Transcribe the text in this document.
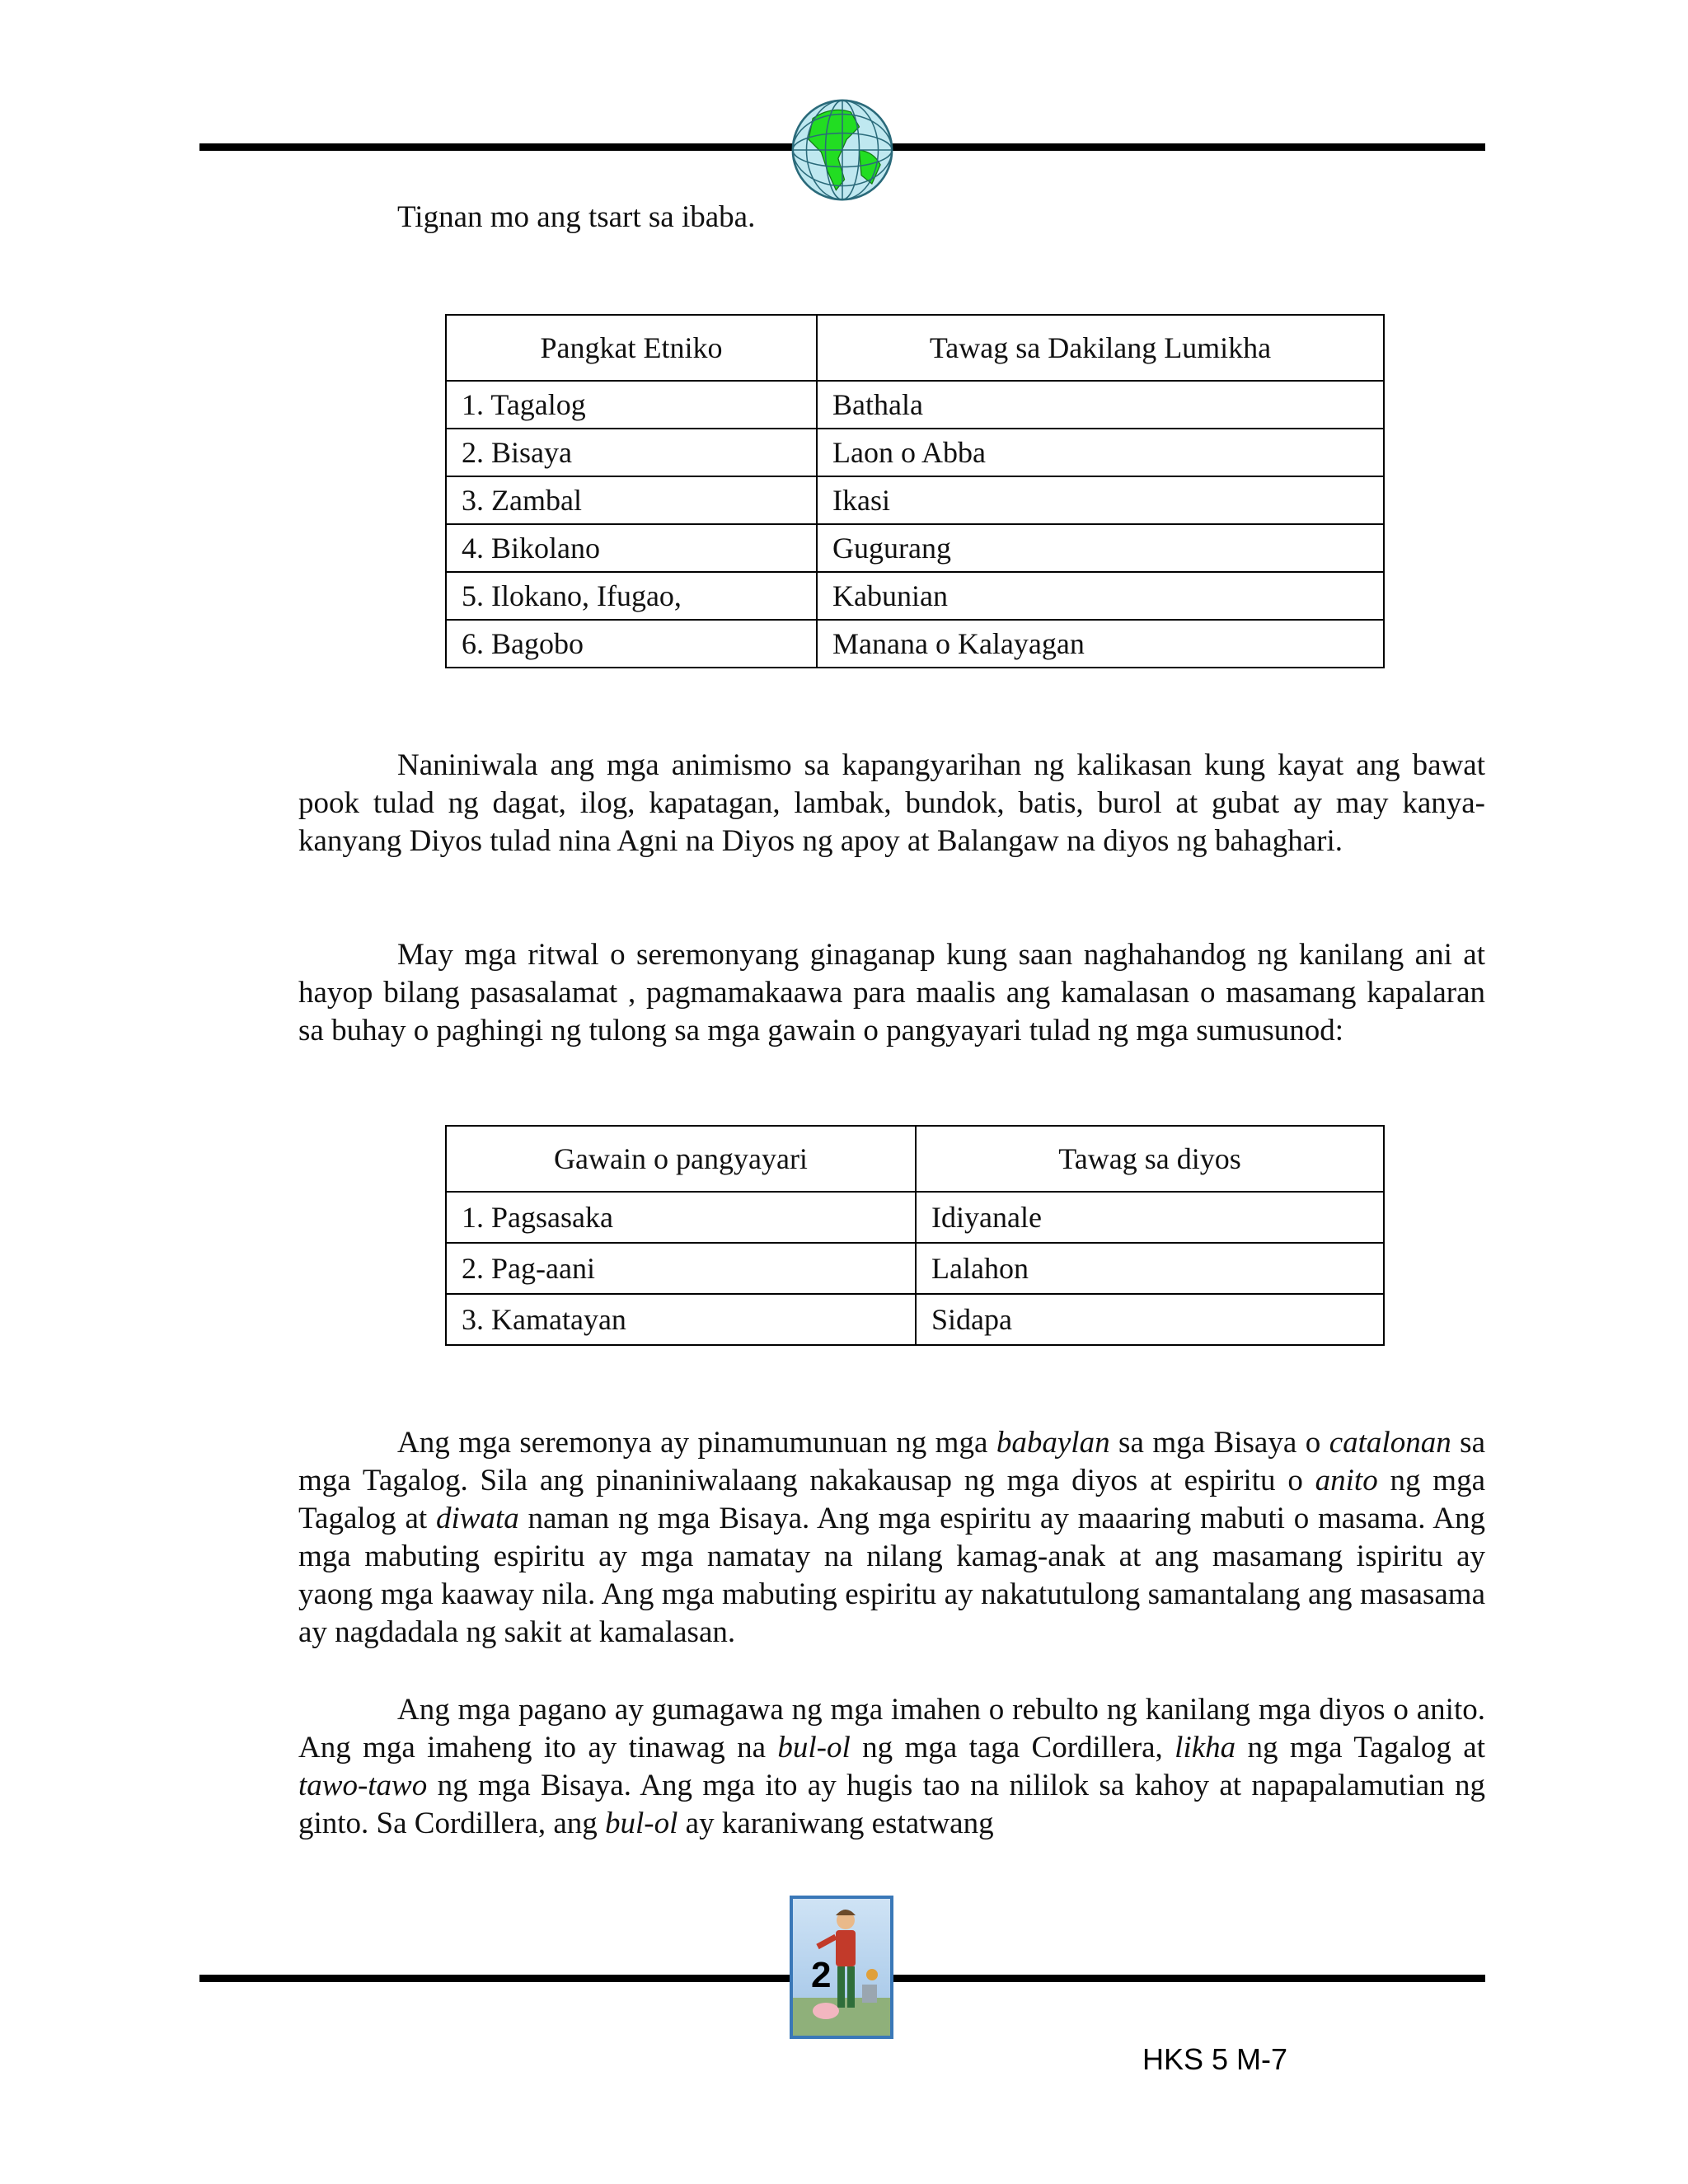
Tignan mo ang tsart sa ibaba.
Pangkat Etniko	Tawag sa Dakilang Lumikha
1. Tagalog	Bathala
2. Bisaya	Laon o Abba
3. Zambal	Ikasi
4. Bikolano	Gugurang
5. Ilokano, Ifugao,	Kabunian
6. Bagobo	Manana o Kalayagan

Naniniwala ang mga animismo sa kapangyarihan ng kalikasan kung kayat ang bawat pook tulad ng dagat, ilog, kapatagan, lambak, bundok, batis, burol at gubat ay may kanya-kanyang Diyos tulad nina Agni na Diyos ng apoy at Balangaw na diyos ng bahaghari.

May mga ritwal o seremonyang ginaganap kung saan naghahandog ng kanilang ani at hayop bilang pasasalamat , pagmamakaawa para maalis ang kamalasan o masamang kapalaran sa buhay o paghingi ng tulong sa mga gawain o pangyayari tulad ng mga sumusunod:

Gawain o pangyayari	Tawag sa diyos
1. Pagsasaka	Idiyanale
2. Pag-aani	Lalahon
3. Kamatayan	Sidapa

Ang mga seremonya ay pinamumunuan ng mga babaylan sa mga Bisaya o catalonan sa mga Tagalog. Sila ang pinaniniwalaang nakakausap ng mga diyos at espiritu o anito ng mga Tagalog at diwata naman ng mga Bisaya. Ang mga espiritu ay maaaring mabuti o masama. Ang mga mabuting espiritu ay mga namatay na nilang kamag-anak at ang masamang ispiritu ay yaong mga kaaway nila. Ang mga mabuting espiritu ay nakatutulong samantalang ang masasama ay nagdadala ng sakit at kamalasan.

Ang mga pagano ay gumagawa ng mga imahen o rebulto ng kanilang mga diyos o anito. Ang mga imaheng ito ay tinawag na bul-ol ng mga taga Cordillera, likha ng mga Tagalog at tawo-tawo ng mga Bisaya. Ang mga ito ay hugis tao na nililok sa kahoy at napapalamutian ng ginto. Sa Cordillera, ang bul-ol ay karaniwang estatwang

2
HKS 5 M-7
